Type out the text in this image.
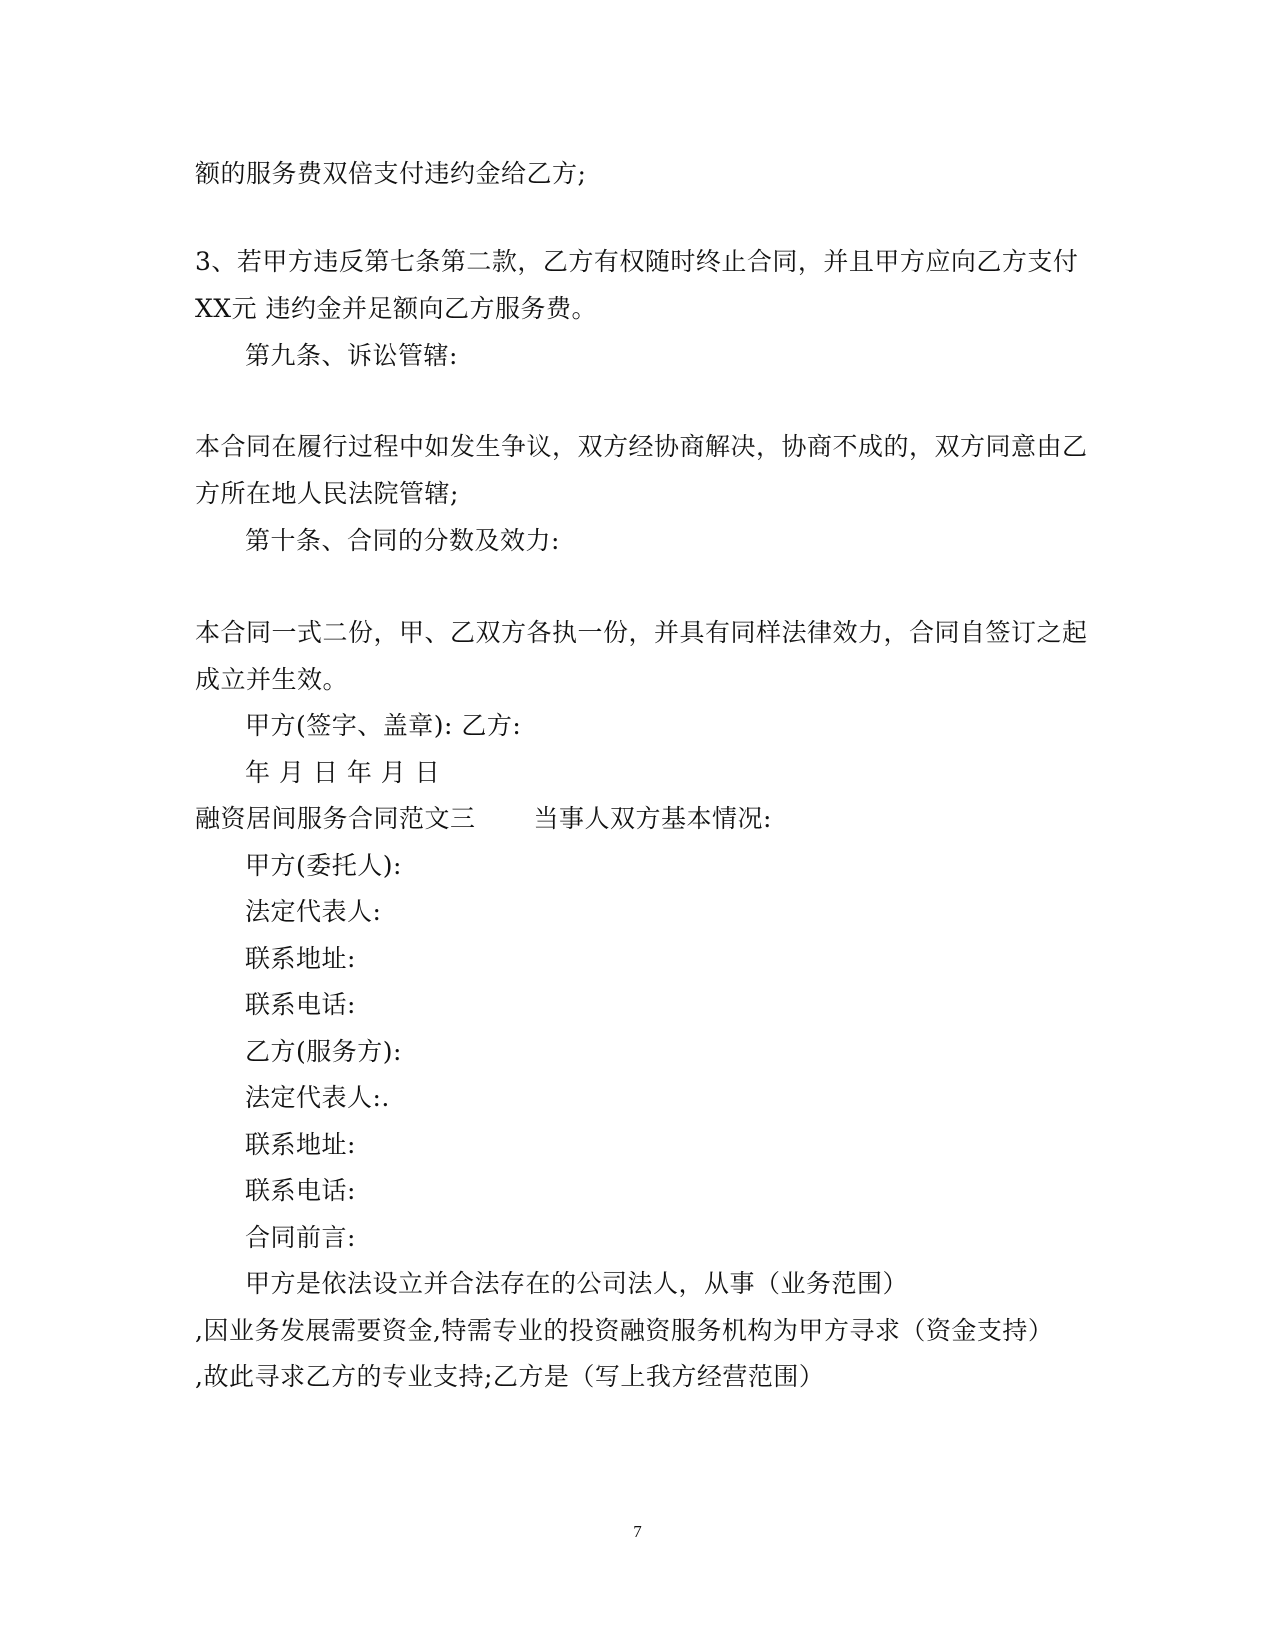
额的服务费双倍支付违约金给乙方;
3、若甲方违反第七条第二款，乙方有权随时终止合同，并且甲方应向乙方支付
XX元 违约金并足额向乙方服务费。
第九条、诉讼管辖:
本合同在履行过程中如发生争议，双方经协商解决，协商不成的，双方同意由乙
方所在地人民法院管辖;
第十条、合同的分数及效力:
本合同一式二份，甲、乙双方各执一份，并具有同样法律效力，合同自签订之起
成立并生效。
甲方(签字、盖章): 乙方:
年 月 日 年 月 日
融资居间服务合同范文三 当事人双方基本情况:
甲方(委托人):
法定代表人:
联系地址:
联系电话:
乙方(服务方):
法定代表人:.
联系地址:
联系电话:
合同前言:
甲方是依法设立并合法存在的公司法人，从事（业务范围）
,因业务发展需要资金,特需专业的投资融资服务机构为甲方寻求（资金支持）
,故此寻求乙方的专业支持;乙方是（写上我方经营范围）
7
